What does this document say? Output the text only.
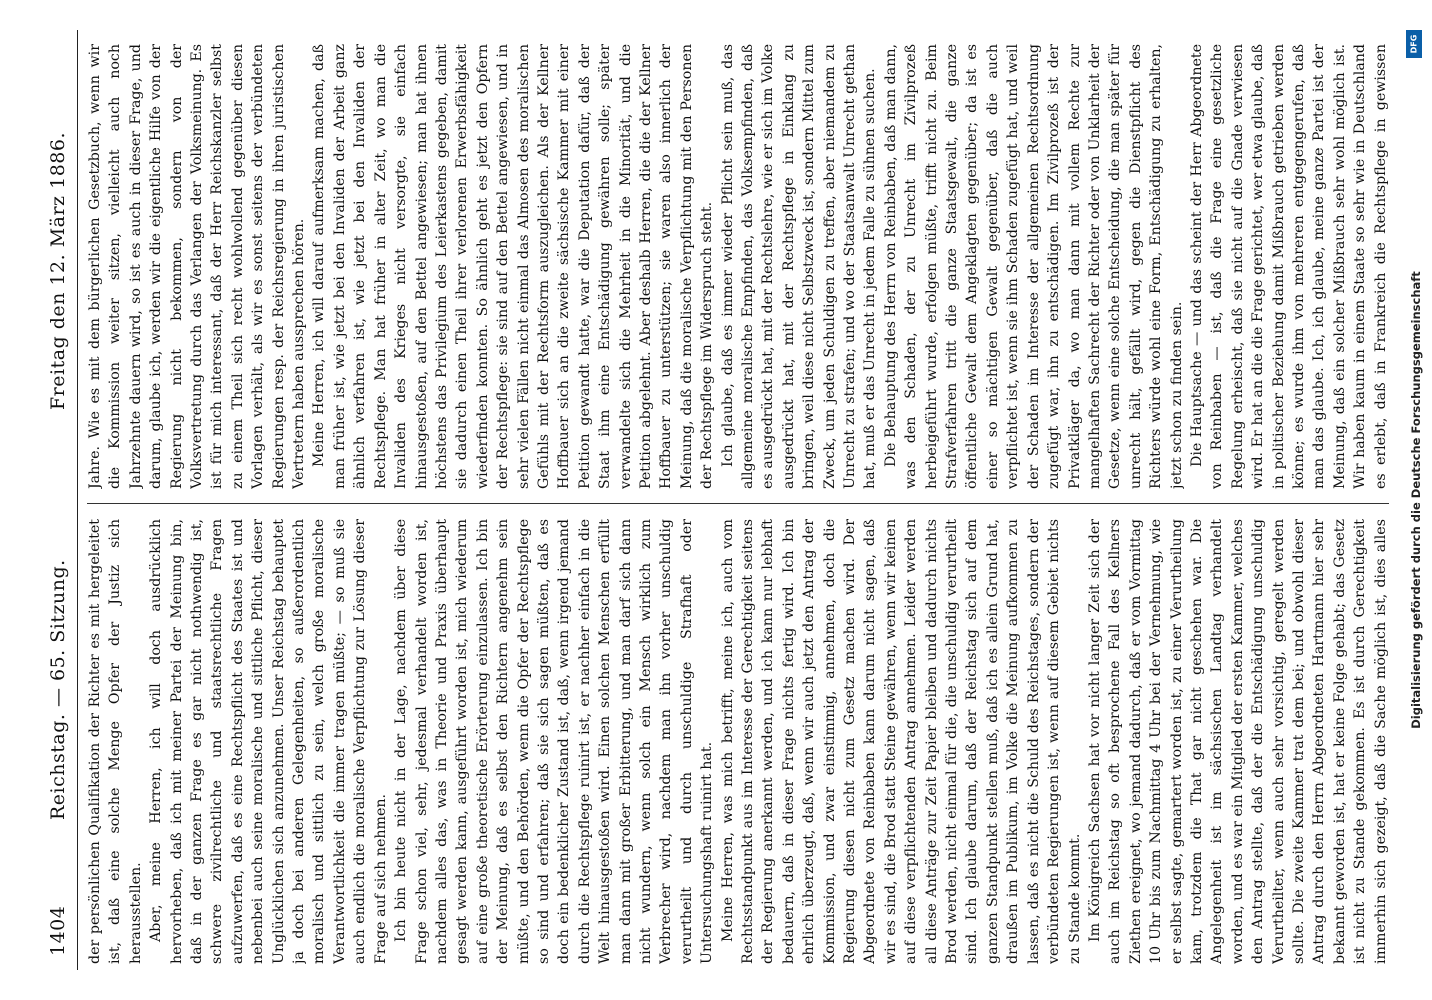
1404
Reichstag. — 65. Sitzung.
Freitag den 12. März 1886.

der persönlichen Qualifikation der Richter es mit hergeleitet ist, daß eine solche Menge Opfer der Justiz sich herausstellen. Aber, meine Herren, ich will doch ausdrücklich hervorheben, daß ich mit meiner Partei der Meinung bin, daß in der ganzen Frage es gar nicht nothwendig ist, schwere zivilrechtliche und staatsrechtliche Fragen aufzuwerfen, daß es eine Rechtspflicht des Staates ist und nebenbei auch seine moralische und sittliche Pflicht, dieser Unglücklichen sich anzunehmen. Unser Reichstag behauptet ja doch bei anderen Gelegenheiten, so außerordentlich moralisch und sittlich zu sein, welch große moralische Verantwortlichkeit die immer tragen müßte; — so muß sie auch endlich die moralische Verpflichtung zur Lösung dieser Frage auf sich nehmen. Ich bin heute nicht in der Lage, nachdem über diese Frage schon viel, sehr, jedesmal verhandelt worden ist, nachdem alles das, was in Theorie und Praxis überhaupt gesagt werden kann, ausgeführt worden ist, mich wiederum auf eine große theoretische Erörterung einzulassen. Ich bin der Meinung, daß es selbst den Richtern angenehm sein müßte, und den Behörden, wenn die Opfer der Rechtspflege so sind und erfahren; daß sie sich sagen müßten, daß es doch ein bedenklicher Zustand ist, daß, wenn irgend jemand durch die Rechtspflege ruinirt ist, er nachher einfach in die Welt hinausgestoßen wird. Einen solchen Menschen erfüllt man dann mit großer Erbitterung, und man darf sich dann nicht wundern, wenn solch ein Mensch wirklich zum Verbrecher wird, nachdem man ihn vorher unschuldig verurtheilt und durch unschuldige Strafhaft oder Untersuchungshaft ruinirt hat. Meine Herren, was mich betrifft, meine ich, auch vom Rechtsstandpunkt aus im Interesse der Gerechtigkeit seitens der Regierung anerkannt werden, und ich kann nur lebhaft bedauern, daß in dieser Frage nichts fertig wird. Ich bin ehrlich überzeugt, daß, wenn wir auch jetzt den Antrag der Kommission, und zwar einstimmig, annehmen, doch die Regierung diesen nicht zum Gesetz machen wird. Der Abgeordnete von Reinbaben kann darum nicht sagen, daß wir es sind, die Brod statt Steine gewähren, wenn wir keinen auf diese verpflichtenden Antrag annehmen. Leider werden all diese Anträge zur Zeit Papier bleiben und dadurch nichts Brod werden, nicht einmal für die, die unschuldig verurtheilt sind. Ich glaube darum, daß der Reichstag sich auf dem ganzen Standpunkt stellen muß, daß ich es allein Grund hat, draußen im Publikum, im Volke die Meinung aufkommen zu lassen, daß es nicht die Schuld des Reichstages, sondern der verbündeten Regierungen ist, wenn auf diesem Gebiet nichts zu Stande kommt. Im Königreich Sachsen hat vor nicht langer Zeit sich der auch im Reichstag so oft besprochene Fall des Kellners Ziethen ereignet, wo jemand dadurch, daß er vom Vormittag 10 Uhr bis zum Nachmittag 4 Uhr bei der Vernehmung, wie er selbst sagte, gemartert worden ist, zu einer Verurtheilung kam, trotzdem die That gar nicht geschehen war. Die Angelegenheit ist im sächsischen Landtag verhandelt worden, und es war ein Mitglied der ersten Kammer, welches den Antrag stellte, daß der die Entschädigung unschuldig Verurtheilter, wenn auch sehr vorsichtig, geregelt werden sollte. Die zweite Kammer trat dem bei; und obwohl dieser Antrag durch den Herrn Abgeordneten Hartmann hier sehr bekannt geworden ist, hat er keine Folge gehabt; das Gesetz ist nicht zu Stande gekommen. Es ist durch Gerechtigkeit immerhin sich gezeigt, daß die Sache möglich ist, dies alles

Jahre. Wie es mit dem bürgerlichen Gesetzbuch, wenn wir die Kommission weiter sitzen, vielleicht auch noch Jahrzehnte dauern wird, so ist es auch in dieser Frage, und darum, glaube ich, werden wir die eigentliche Hilfe von der Regierung nicht bekommen, sondern von der Volksvertretung durch das Verlangen der Volksmeinung. Es ist für mich interessant, daß der Herr Reichskanzler selbst zu einem Theil sich recht wohlwollend gegenüber diesen Vorlagen verhält, als wir es sonst seitens der verbündeten Regierungen resp. der Reichsregierung in ihren juristischen Vertretern haben aussprechen hören. Meine Herren, ich will darauf aufmerksam machen, daß man früher ist, wie jetzt bei den Invaliden der Arbeit ganz ähnlich verfahren ist, wie jetzt bei den Invaliden der Rechtspflege. Man hat früher in alter Zeit, wo man die Invaliden des Krieges nicht versorgte, sie einfach hinausgestoßen, auf den Bettel angewiesen; man hat ihnen höchstens das Privilegium des Leierkastens gegeben, damit sie dadurch einen Theil ihrer verlorenen Erwerbsfähigkeit wiederfinden konnten. So ähnlich geht es jetzt den Opfern der Rechtspflege: sie sind auf den Bettel angewiesen, und in sehr vielen Fällen nicht einmal das Almosen des moralischen Gefühls mit der Rechtsform auszugleichen. Als der Kellner Hoffbauer sich an die zweite sächsische Kammer mit einer Petition gewandt hatte, war die Deputation dafür, daß der Staat ihm eine Entschädigung gewähren solle; später verwandelte sich die Mehrheit in die Minorität, und die Petition abgelehnt. Aber deshalb Herren, die die der Kellner Hoffbauer zu unterstützen; sie waren also innerlich der Meinung, daß die moralische Verpflichtung mit den Personen der Rechtspflege im Widerspruch steht. Ich glaube, daß es immer wieder Pflicht sein muß, das allgemeine moralische Empfinden, das Volksempfinden, daß es ausgedrückt hat, mit der Rechtslehre, wie er sich im Volke ausgedrückt hat, mit der Rechtspflege in Einklang zu bringen, weil diese nicht Selbstzweck ist, sondern Mittel zum Zweck, um jeden Schuldigen zu treffen, aber niemandem zu Unrecht zu strafen; und wo der Staatsanwalt Unrecht gethan hat, muß er das Unrecht in jedem Falle zu sühnen suchen. Die Behauptung des Herrn von Reinbaben, daß man dann, was den Schaden, der zu Unrecht im Zivilprozeß herbeigeführt wurde, erfolgen müßte, trifft nicht zu. Beim Strafverfahren tritt die ganze Staatsgewalt, die ganze öffentliche Gewalt dem Angeklagten gegenüber; da ist es einer so mächtigen Gewalt gegenüber, daß die auch verpflichtet ist, wenn sie ihm Schaden zugefügt hat, und weil der Schaden im Interesse der allgemeinen Rechtsordnung zugefügt war, ihn zu entschädigen. Im Zivilprozeß ist der Privatkläger da, wo man dann mit vollem Rechte zur mangelhaften Sachrecht der Richter oder von Unklarheit der Gesetze, wenn eine solche Entscheidung, die man später für unrecht hält, gefällt wird, gegen die Dienstpflicht des Richters würde wohl eine Form, Entschädigung zu erhalten, jetzt schon zu finden sein. Die Hauptsache — und das scheint der Herr Abgeordnete von Reinbaben — ist, daß die Frage eine gesetzliche Regelung erheischt, daß sie nicht auf die Gnade verwiesen wird. Er hat an die die Frage gerichtet, wer etwa glaube, daß in politischer Beziehung damit Mißbrauch getrieben werden könne; es wurde ihm von mehreren entgegengerufen, daß man das glaube. Ich, ich glaube, meine ganze Partei ist der Meinung, daß ein solcher Mißbrauch sehr wohl möglich ist. Wir haben kaum in einem Staate so sehr wie in Deutschland es erlebt, daß in Frankreich die Rechtspflege in gewissen	DFG
Digitalisierung gefördert durch die Deutsche Forschungsgemeinschaft
